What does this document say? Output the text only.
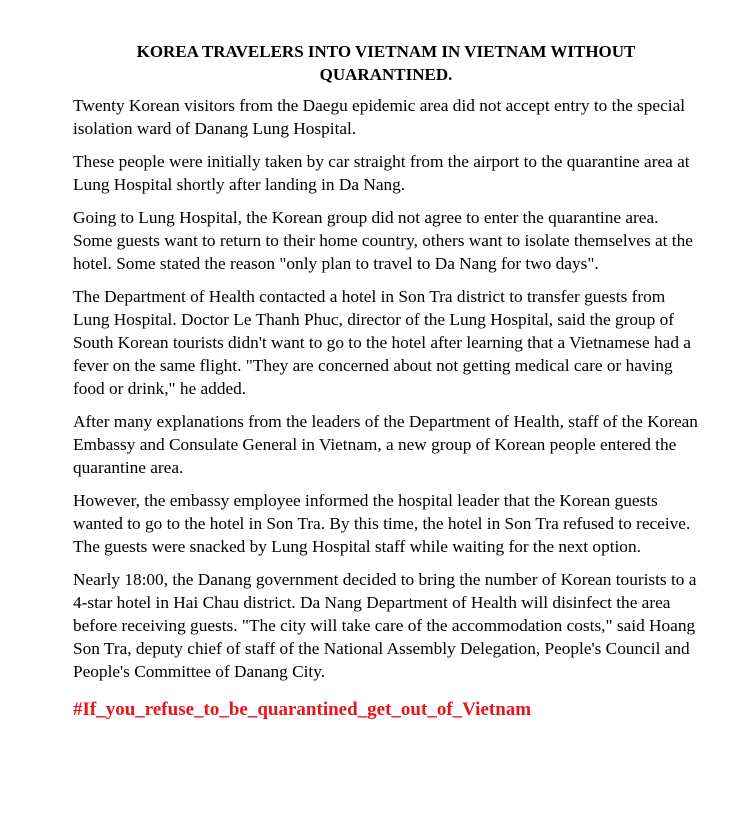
KOREA TRAVELERS INTO VIETNAM IN VIETNAM WITHOUT QUARANTINED.

Twenty Korean visitors from the Daegu epidemic area did not accept entry to the special isolation ward of Danang Lung Hospital.

These people were initially taken by car straight from the airport to the quarantine area at Lung Hospital shortly after landing in Da Nang.

Going to Lung Hospital, the Korean group did not agree to enter the quarantine area. Some guests want to return to their home country, others want to isolate themselves at the hotel. Some stated the reason "only plan to travel to Da Nang for two days".

The Department of Health contacted a hotel in Son Tra district to transfer guests from Lung Hospital. Doctor Le Thanh Phuc, director of the Lung Hospital, said the group of South Korean tourists didn't want to go to the hotel after learning that a Vietnamese had a fever on the same flight. "They are concerned about not getting medical care or having food or drink," he added.

After many explanations from the leaders of the Department of Health, staff of the Korean Embassy and Consulate General in Vietnam, a new group of Korean people entered the quarantine area.

However, the embassy employee informed the hospital leader that the Korean guests wanted to go to the hotel in Son Tra. By this time, the hotel in Son Tra refused to receive. The guests were snacked by Lung Hospital staff while waiting for the next option.

Nearly 18:00, the Danang government decided to bring the number of Korean tourists to a 4-star hotel in Hai Chau district. Da Nang Department of Health will disinfect the area before receiving guests. "The city will take care of the accommodation costs," said Hoang Son Tra, deputy chief of staff of the National Assembly Delegation, People's Council and People's Committee of Danang City.

#If_you_refuse_to_be_quarantined_get_out_of_Vietnam
